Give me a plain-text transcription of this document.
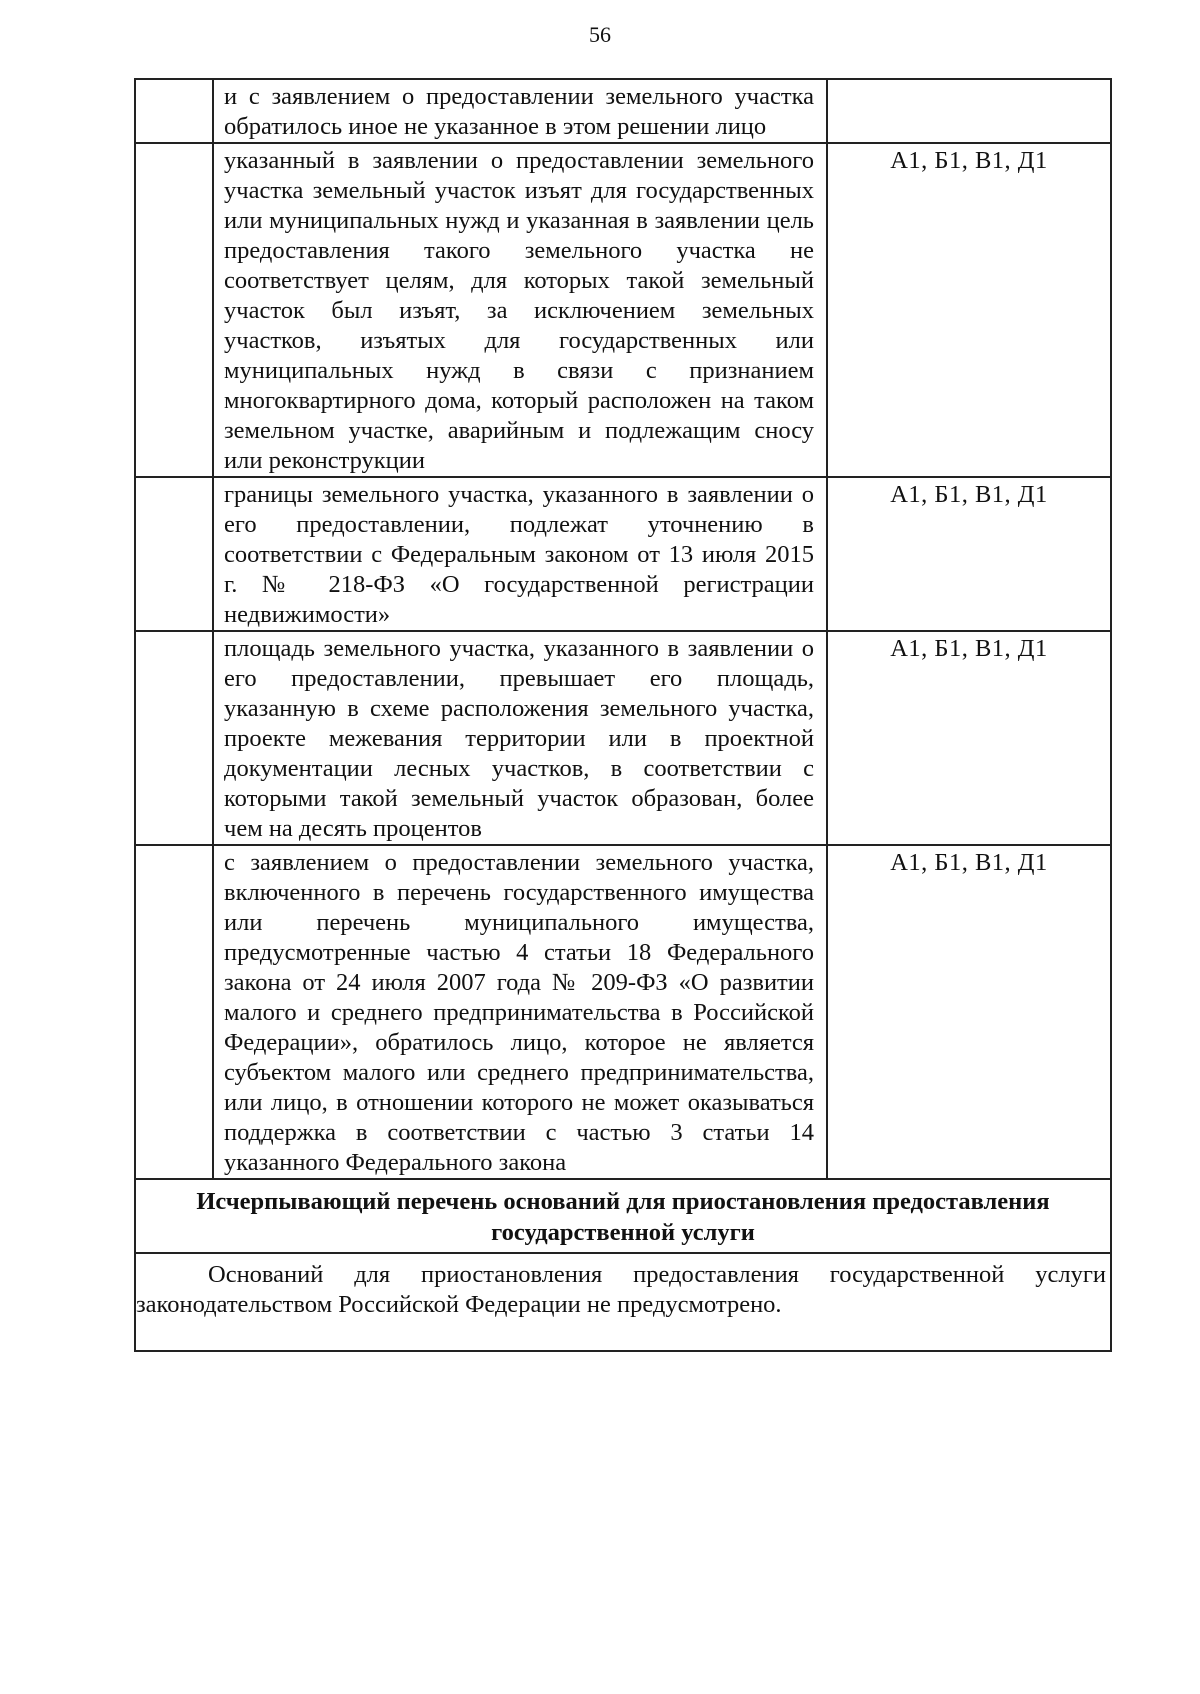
56
	и с заявлением о предоставлении земельного участка обратилось иное не указанное в этом решении лицо	
	указанный в заявлении о предоставлении земельного участка земельный участок изъят для государственных или муниципальных нужд и указанная в заявлении цель предоставления такого земельного участка не соответствует целям, для которых такой земельный участок был изъят, за исключением земельных участков, изъятых для государственных или муниципальных нужд в связи с признанием многоквартирного дома, который расположен на таком земельном участке, аварийным и подлежащим сносу или реконструкции	А1, Б1, В1, Д1
	границы земельного участка, указанного в заявлении о его предоставлении, подлежат уточнению в соответствии с Федеральным законом от 13 июля 2015 г. № 218-ФЗ «О государственной регистрации недвижимости»	А1, Б1, В1, Д1
	площадь земельного участка, указанного в заявлении о его предоставлении, превышает его площадь, указанную в схеме расположения земельного участка, проекте межевания территории или в проектной документации лесных участков, в соответствии с которыми такой земельный участок образован, более чем на десять процентов	А1, Б1, В1, Д1
	с заявлением о предоставлении земельного участка, включенного в перечень государственного имущества или перечень муниципального имущества, предусмотренные частью 4 статьи 18 Федерального закона от 24 июля 2007 года № 209-ФЗ «О развитии малого и среднего предпринимательства в Российской Федерации», обратилось лицо, которое не является субъектом малого или среднего предпринимательства, или лицо, в отношении которого не может оказываться поддержка в соответствии с частью 3 статьи 14 указанного Федерального закона	А1, Б1, В1, Д1
Исчерпывающий перечень оснований для приостановления предоставления государственной услуги		

Оснований для приостановления предоставления государственной услуги законодательством Российской Федерации не предусмотрено.		
